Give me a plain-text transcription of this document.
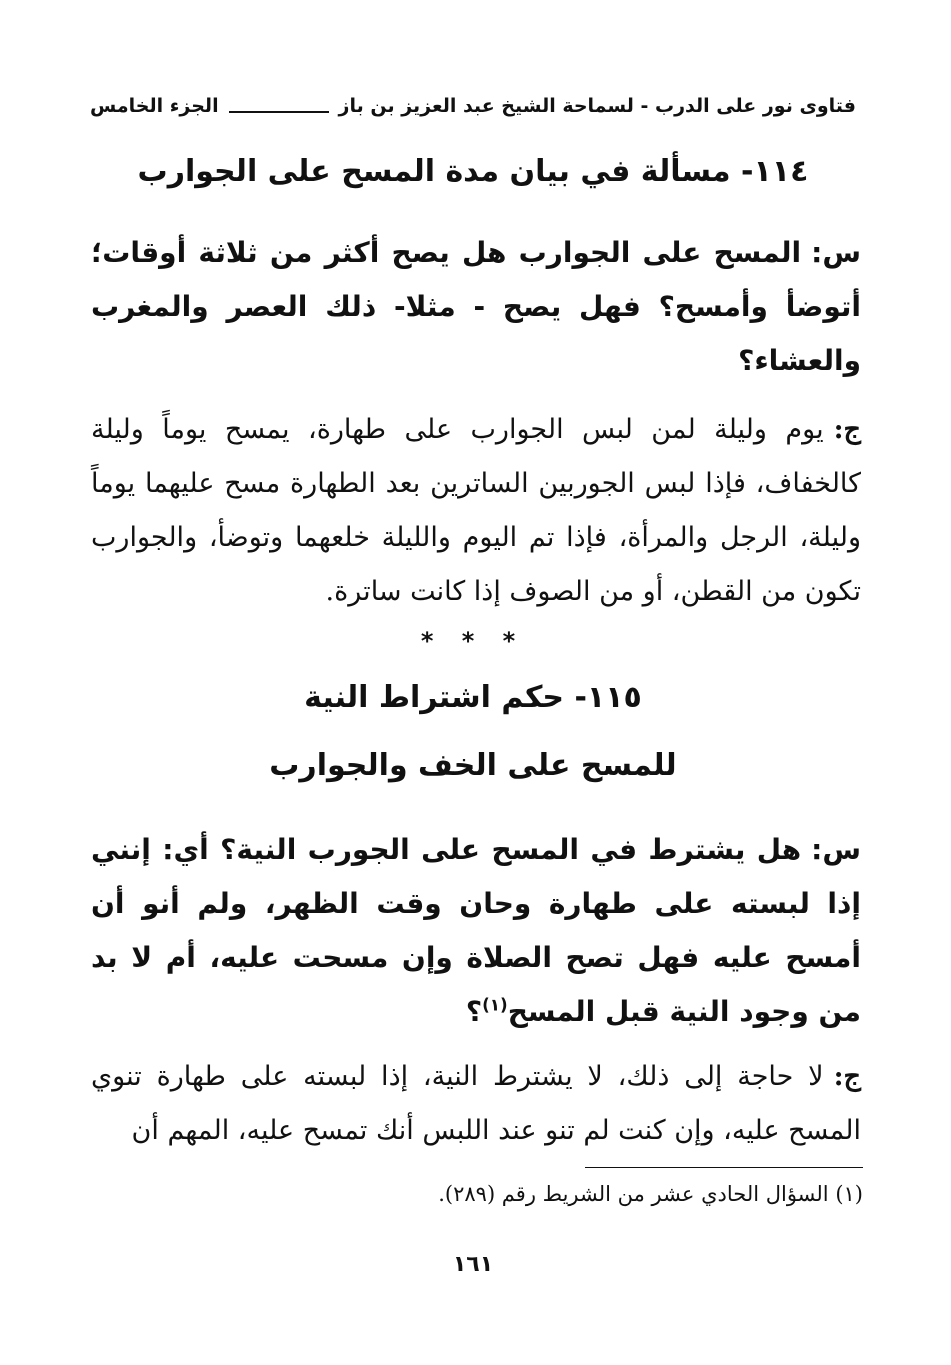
فتاوى نور على الدرب - لسماحة الشيخ عبد العزيز بن باز
الجزء الخامس
١١٤- مسألة في بيان مدة المسح على الجوارب
س:المسح على الجوارب هل يصح أكثر من ثلاثة أوقات؛ أتوضأ وأمسح؟ فهل يصح - مثلا- ذلك العصر والمغرب والعشاء؟
ج:يوم وليلة لمن لبس الجوارب على طهارة، يمسح يوماً وليلة كالخفاف، فإذا لبس الجوربين الساترين بعد الطهارة مسح عليهما يوماً وليلة، الرجل والمرأة، فإذا تم اليوم والليلة خلعهما وتوضأ، والجوارب تكون من القطن، أو من الصوف إذا كانت ساترة.
* * *
١١٥- حكم اشتراط النية
للمسح على الخف والجوارب
س:هل يشترط في المسح على الجورب النية؟ أي: إنني إذا لبسته على طهارة وحان وقت الظهر، ولم أنو أن أمسح عليه فهل تصح الصلاة وإن مسحت عليه، أم لا بد من وجود النية قبل المسح$^{(١)}$؟
ج:لا حاجة إلى ذلك، لا يشترط النية، إذا لبسته على طهارة تنوي المسح عليه، وإن كنت لم تنو عند اللبس أنك تمسح عليه، المهم أن
(١) السؤال الحادي عشر من الشريط رقم (٢٨٩).
١٦١
